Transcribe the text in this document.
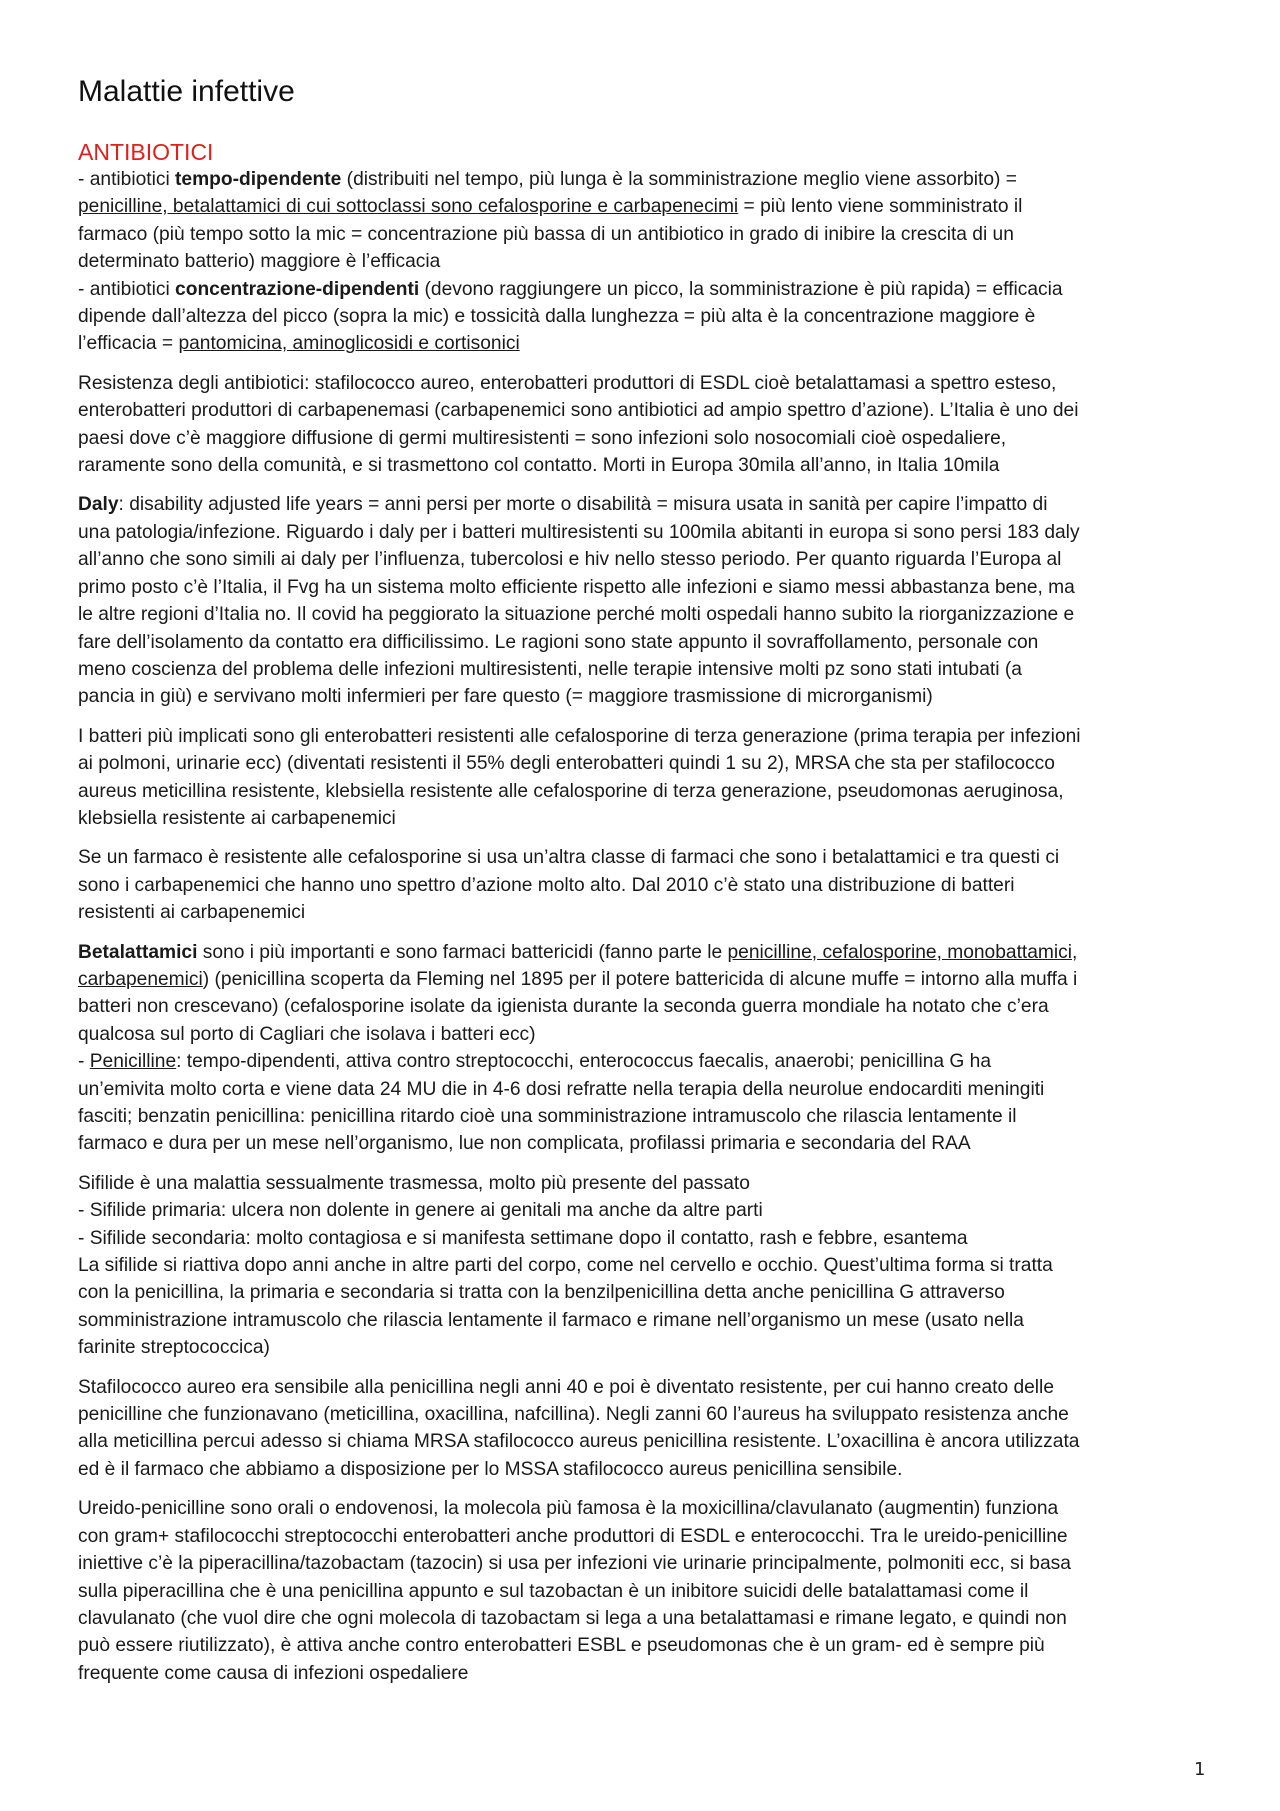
Malattie infettive
ANTIBIOTICI
- antibiotici tempo-dipendente (distribuiti nel tempo, più lunga è la somministrazione meglio viene assorbito) =
penicilline, betalattamici di cui sottoclassi sono cefalosporine e carbapenecimi = più lento viene somministrato il
farmaco (più tempo sotto la mic = concentrazione più bassa di un antibiotico in grado di inibire la crescita di un
determinato batterio) maggiore è l’efficacia
- antibiotici concentrazione-dipendenti (devono raggiungere un picco, la somministrazione è più rapida) = efficacia
dipende dall’altezza del picco (sopra la mic) e tossicità dalla lunghezza = più alta è la concentrazione maggiore è
l’efficacia = pantomicina, aminoglicosidi e cortisonici
Resistenza degli antibiotici: stafilococco aureo, enterobatteri produttori di ESDL cioè betalattamasi a spettro esteso,
enterobatteri produttori di carbapenemasi (carbapenemici sono antibiotici ad ampio spettro d’azione). L’Italia è uno dei
paesi dove c’è maggiore diffusione di germi multiresistenti = sono infezioni solo nosocomiali cioè ospedaliere,
raramente sono della comunità, e si trasmettono col contatto. Morti in Europa 30mila all’anno, in Italia 10mila
Daly: disability adjusted life years = anni persi per morte o disabilità = misura usata in sanità per capire l’impatto di
una patologia/infezione. Riguardo i daly per i batteri multiresistenti su 100mila abitanti in europa si sono persi 183 daly
all’anno che sono simili ai daly per l’influenza, tubercolosi e hiv nello stesso periodo. Per quanto riguarda l’Europa al
primo posto c’è l’Italia, il Fvg ha un sistema molto efficiente rispetto alle infezioni e siamo messi abbastanza bene, ma
le altre regioni d’Italia no. Il covid ha peggiorato la situazione perché molti ospedali hanno subito la riorganizzazione e
fare dell’isolamento da contatto era difficilissimo. Le ragioni sono state appunto il sovraffollamento, personale con
meno coscienza del problema delle infezioni multiresistenti, nelle terapie intensive molti pz sono stati intubati (a
pancia in giù) e servivano molti infermieri per fare questo (= maggiore trasmissione di microrganismi)
I batteri più implicati sono gli enterobatteri resistenti alle cefalosporine di terza generazione (prima terapia per infezioni
ai polmoni, urinarie ecc) (diventati resistenti il 55% degli enterobatteri quindi 1 su 2), MRSA che sta per stafilococco
aureus meticillina resistente, klebsiella resistente alle cefalosporine di terza generazione, pseudomonas aeruginosa,
klebsiella resistente ai carbapenemici
Se un farmaco è resistente alle cefalosporine si usa un’altra classe di farmaci che sono i betalattamici e tra questi ci
sono i carbapenemici che hanno uno spettro d’azione molto alto. Dal 2010 c’è stato una distribuzione di batteri
resistenti ai carbapenemici
Betalattamici sono i più importanti e sono farmaci battericidi (fanno parte le penicilline, cefalosporine, monobattamici,
carbapenemici) (penicillina scoperta da Fleming nel 1895 per il potere battericida di alcune muffe = intorno alla muffa i
batteri non crescevano) (cefalosporine isolate da igienista durante la seconda guerra mondiale ha notato che c’era
qualcosa sul porto di Cagliari che isolava i batteri ecc)
- Penicilline: tempo-dipendenti, attiva contro streptococchi, enterococcus faecalis, anaerobi; penicillina G ha
un’emivita molto corta e viene data 24 MU die in 4-6 dosi refratte nella terapia della neurolue endocarditi meningiti
fasciti; benzatin penicillina: penicillina ritardo cioè una somministrazione intramuscolo che rilascia lentamente il
farmaco e dura per un mese nell’organismo, lue non complicata, profilassi primaria e secondaria del RAA
Sifilide è una malattia sessualmente trasmessa, molto più presente del passato
- Sifilide primaria: ulcera non dolente in genere ai genitali ma anche da altre parti
- Sifilide secondaria: molto contagiosa e si manifesta settimane dopo il contatto, rash e febbre, esantema
La sifilide si riattiva dopo anni anche in altre parti del corpo, come nel cervello e occhio. Quest’ultima forma si tratta
con la penicillina, la primaria e secondaria si tratta con la benzilpenicillina detta anche penicillina G attraverso
somministrazione intramuscolo che rilascia lentamente il farmaco e rimane nell’organismo un mese (usato nella
farinite streptococcica)
Stafilococco aureo era sensibile alla penicillina negli anni 40 e poi è diventato resistente, per cui hanno creato delle
penicilline che funzionavano (meticillina, oxacillina, nafcillina). Negli zanni 60 l’aureus ha sviluppato resistenza anche
alla meticillina percui adesso si chiama MRSA stafilococco aureus penicillina resistente. L’oxacillina è ancora utilizzata
ed è il farmaco che abbiamo a disposizione per lo MSSA stafilococco aureus penicillina sensibile.
Ureido-penicilline sono orali o endovenosi, la molecola più famosa è la moxicillina/clavulanato (augmentin) funziona
con gram+ stafilococchi streptococchi enterobatteri anche produttori di ESDL e enterococchi. Tra le ureido-penicilline
iniettive c’è la piperacillina/tazobactam (tazocin) si usa per infezioni vie urinarie principalmente, polmoniti ecc, si basa
sulla piperacillina che è una penicillina appunto e sul tazobactan è un inibitore suicidi delle batalattamasi come il
clavulanato (che vuol dire che ogni molecola di tazobactam si lega a una betalattamasi e rimane legato, e quindi non
può essere riutilizzato), è attiva anche contro enterobatteri ESBL e pseudomonas che è un gram- ed è sempre più
frequente come causa di infezioni ospedaliere
1
